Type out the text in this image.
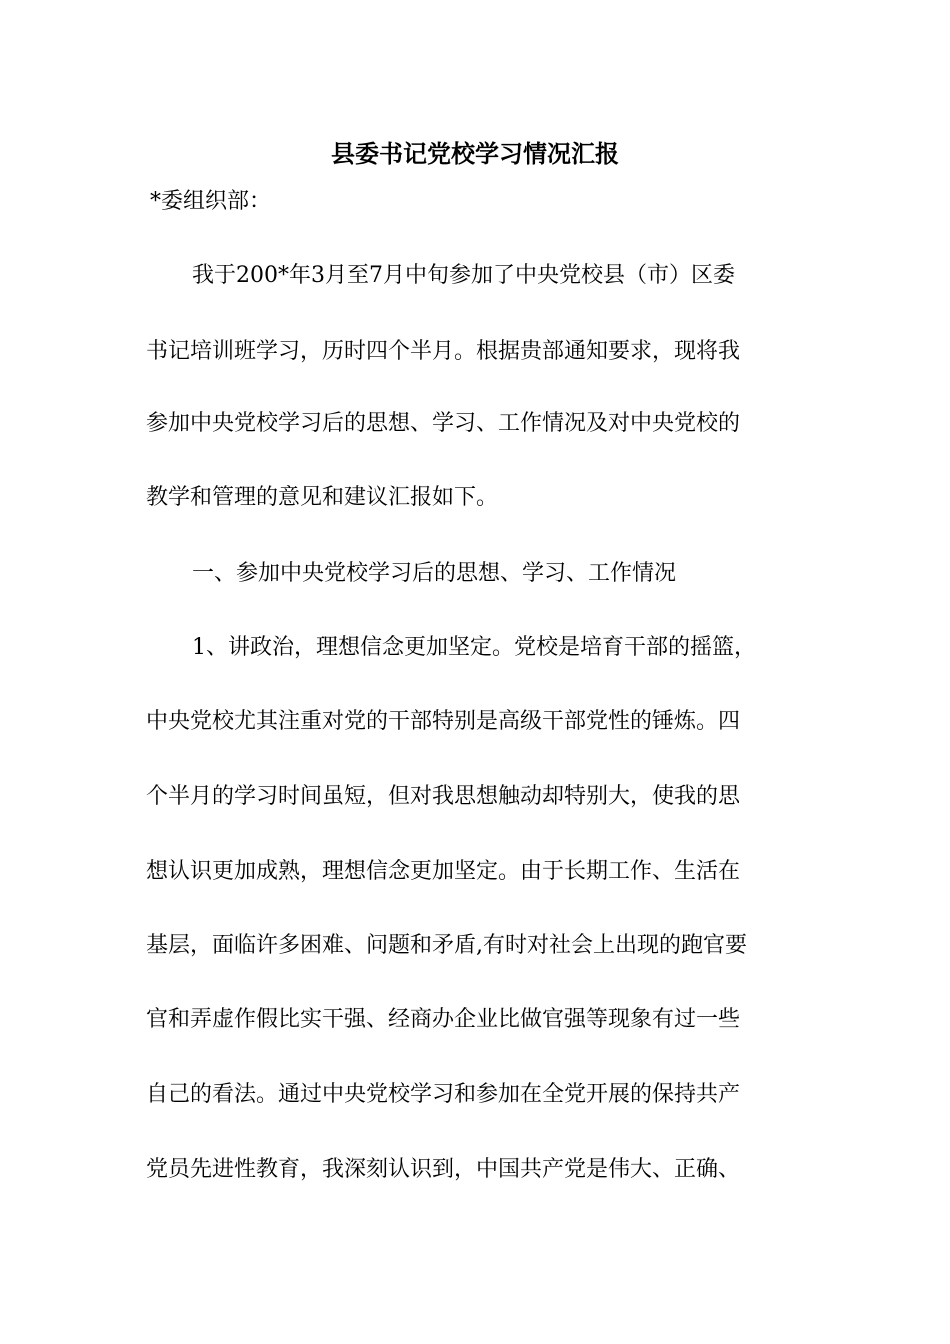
县委书记党校学习情况汇报
*委组织部：
我于200*年3月至7月中旬参加了中央党校县（市）区委
书记培训班学习，历时四个半月。根据贵部通知要求，现将我
参加中央党校学习后的思想、学习、工作情况及对中央党校的
教学和管理的意见和建议汇报如下。
一、参加中央党校学习后的思想、学习、工作情况
1、讲政治，理想信念更加坚定。党校是培育干部的摇篮，
中央党校尤其注重对党的干部特别是高级干部党性的锤炼。四
个半月的学习时间虽短，但对我思想触动却特别大，使我的思
想认识更加成熟，理想信念更加坚定。由于长期工作、生活在
基层，面临许多困难、问题和矛盾,有时对社会上出现的跑官要
官和弄虚作假比实干强、经商办企业比做官强等现象有过一些
自己的看法。通过中央党校学习和参加在全党开展的保持共产
党员先进性教育，我深刻认识到，中国共产党是伟大、正确、
